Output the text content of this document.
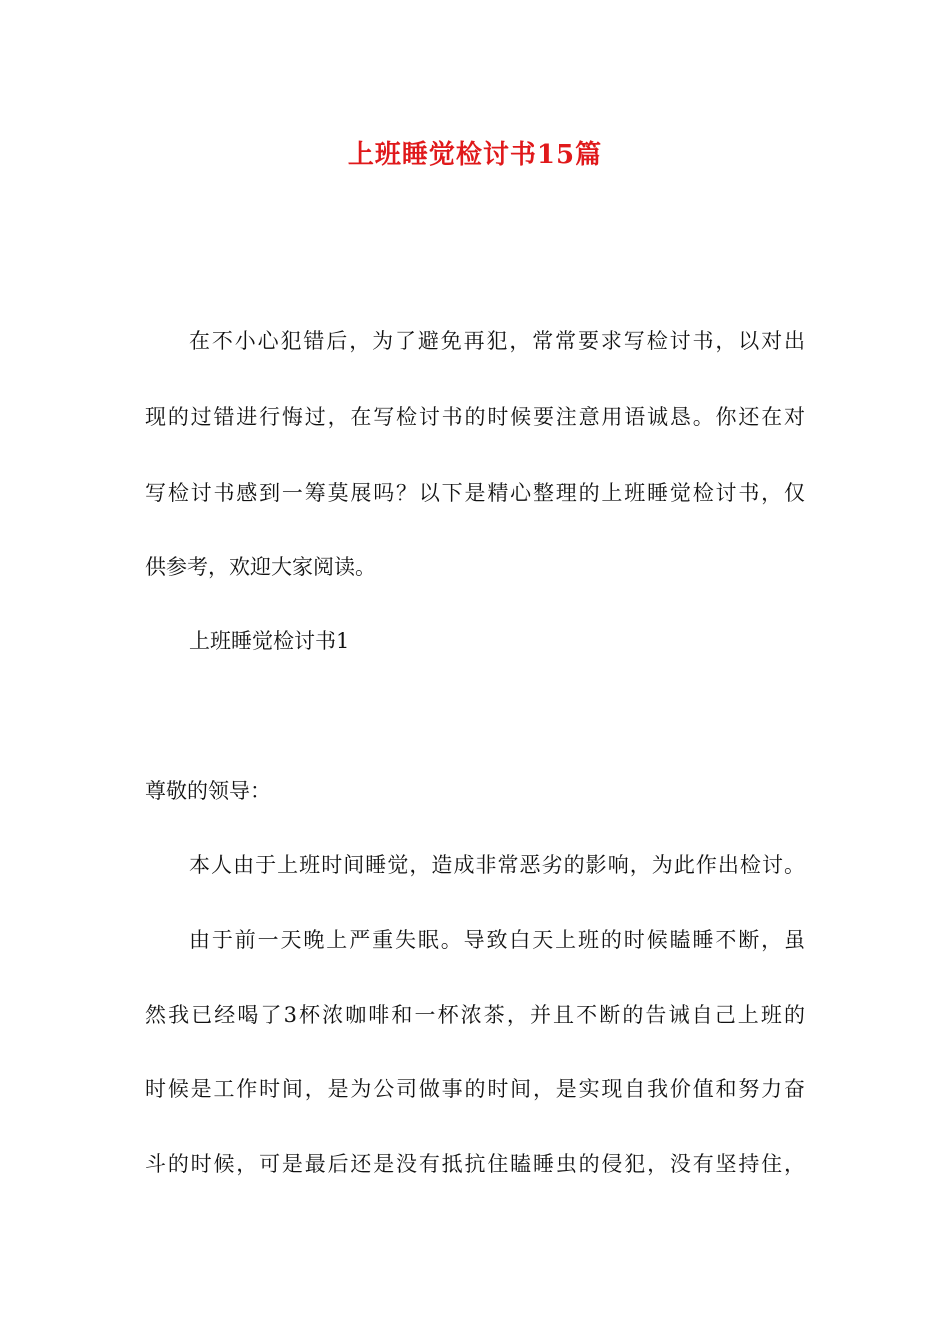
上班睡觉检讨书15篇
在不小心犯错后，为了避免再犯，常常要求写检讨书，以对出
现的过错进行悔过，在写检讨书的时候要注意用语诚恳。你还在对
写检讨书感到一筹莫展吗？以下是精心整理的上班睡觉检讨书，仅
供参考，欢迎大家阅读。
上班睡觉检讨书1
尊敬的领导：
本人由于上班时间睡觉，造成非常恶劣的影响，为此作出检讨。
由于前一天晚上严重失眠。导致白天上班的时候瞌睡不断，虽
然我已经喝了3杯浓咖啡和一杯浓茶，并且不断的告诫自己上班的
时候是工作时间，是为公司做事的时间，是实现自我价值和努力奋
斗的时候，可是最后还是没有抵抗住瞌睡虫的侵犯，没有坚持住，
